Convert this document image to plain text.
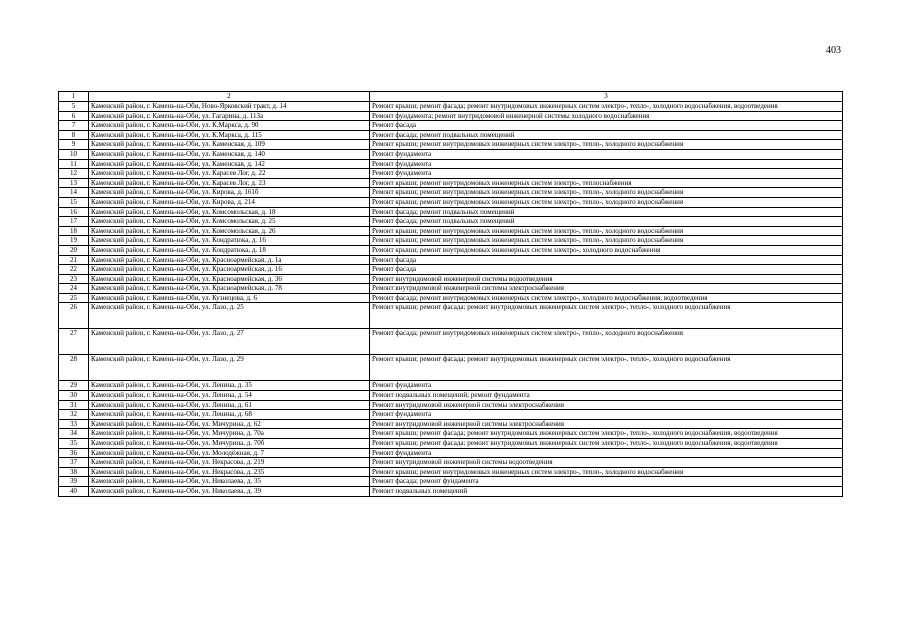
403
1	2	3
5	Каменский район, г. Камень-на-Оби, Ново-Ярковский тракт, д. 14	Ремонт крыши; ремонт фасада; ремонт внутридомовых инженерных систем электро-, тепло-, холодного водоснабжения, водоотведения
6	Каменский район, г. Камень-на-Оби, ул. Гагарина, д. 113а	Ремонт фундамента; ремонт внутридомовой инженерной системы холодного водоснабжения
7	Каменский район, г. Камень-на-Оби, ул. К.Маркса, д. 90	Ремонт фасада
8	Каменский район, г. Камень-на-Оби, ул. К.Маркса, д. 115	Ремонт фасада; ремонт подвальных помещений
9	Каменский район, г. Камень-на-Оби, ул. Каменская, д. 109	Ремонт крыши; ремонт внутридомовых инженерных систем электро-, тепло-, холодного водоснабжения
10	Каменский район, г. Камень-на-Оби, ул. Каменская, д. 140	Ремонт фундамента
11	Каменский район, г. Камень-на-Оби, ул. Каменская, д. 142	Ремонт фундамента
12	Каменский район, г. Камень-на-Оби, ул. Карасев Лог, д. 22	Ремонт фундамента
13	Каменский район, г. Камень-на-Оби, ул. Карасев Лог, д. 23	Ремонт крыши; ремонт внутридомовых инженерных систем электро-, теплоснабжения
14	Каменский район, г. Камень-на-Оби, ул. Кирова, д. 161б	Ремонт крыши; ремонт внутридомовых инженерных систем электро-, тепло-, холодного водоснабжения
15	Каменский район, г. Камень-на-Оби, ул. Кирова, д. 214	Ремонт крыши; ремонт внутридомовых инженерных систем электро-, тепло-, холодного водоснабжения
16	Каменский район, г. Камень-на-Оби, ул. Комсомольская, д. 18	Ремонт фасада; ремонт подвальных помещений
17	Каменский район, г. Камень-на-Оби, ул. Комсомольская, д. 25	Ремонт фасада; ремонт подвальных помещений
18	Каменский район, г. Камень-на-Оби, ул. Комсомольская, д. 26	Ремонт крыши; ремонт внутридомовых инженерных систем электро-, тепло-, холодного водоснабжения
19	Каменский район, г. Камень-на-Оби, ул. Кондратюка, д. 16	Ремонт крыши; ремонт внутридомовых инженерных систем электро-, тепло-, холодного водоснабжения
20	Каменский район, г. Камень-на-Оби, ул. Кондратюка, д. 18	Ремонт крыши; ремонт внутридомовых инженерных систем электро-, холодного водоснабжения
21	Каменский район, г. Камень-на-Оби, ул. Красноармейская, д. 1а	Ремонт фасада
22	Каменский район, г. Камень-на-Оби, ул. Красноармейская, д. 16	Ремонт фасада
23	Каменский район, г. Камень-на-Оби, ул. Красноармейская, д. 36	Ремонт внутридомовой инженерной системы водоотведения
24	Каменский район, г. Камень-на-Оби, ул. Красноармейская, д. 78	Ремонт внутридомовой инженерной системы электроснабжения
25	Каменский район, г. Камень-на-Оби, ул. Кузнецова, д. 6	Ремонт фасада; ремонт внутридомовых инженерных систем электро-, холодного водоснабжения, водоотведения
26	Каменский район, г. Камень-на-Оби, ул. Лазо, д. 25	Ремонт крыши; ремонт фасада; ремонт внутридомовых инженерных систем электро-, тепло-, холодного водоснабжения
27	Каменский район, г. Камень-на-Оби, ул. Лазо, д. 27	Ремонт фасада; ремонт внутридомовых инженерных систем электро-, тепло-, холодного водоснабжения
28	Каменский район, г. Камень-на-Оби, ул. Лазо, д. 29	Ремонт крыши; ремонт фасада; ремонт внутридомовых инженерных систем электро-, тепло-, холодного водоснабжения
29	Каменский район, г. Камень-на-Оби, ул. Ленина, д. 35	Ремонт фундамента
30	Каменский район, г. Камень-на-Оби, ул. Ленина, д. 54	Ремонт подвальных помещений; ремонт фундамента
31	Каменский район, г. Камень-на-Оби, ул. Ленина, д. 61	Ремонт внутридомовой инженерной системы электроснабжения
32	Каменский район, г. Камень-на-Оби, ул. Ленина, д. 68	Ремонт фундамента
33	Каменский район, г. Камень-на-Оби, ул. Мичурина, д. 62	Ремонт внутридомовой инженерной системы электроснабжения
34	Каменский район, г. Камень-на-Оби, ул. Мичурина, д. 70а	Ремонт крыши; ремонт фасада; ремонт внутридомовых инженерных систем электро-, тепло-, холодного водоснабжения, водоотведения
35	Каменский район, г. Камень-на-Оби, ул. Мичурина, д. 70б	Ремонт крыши; ремонт фасада; ремонт внутридомовых инженерных систем электро-, тепло-, холодного водоснабжения, водоотведения
36	Каменский район, г. Камень-на-Оби, ул. Молодёжная, д. 7	Ремонт фундамента
37	Каменский район, г. Камень-на-Оби, ул. Некрасова, д. 219	Ремонт внутридомовой инженерной системы водоотведения
38	Каменский район, г. Камень-на-Оби, ул. Некрасова, д. 235	Ремонт крыши; ремонт внутридомовых инженерных систем электро-, тепло-, холодного водоснабжения
39	Каменский район, г. Камень-на-Оби, ул. Николаева, д. 35	Ремонт фасада; ремонт фундамента
40	Каменский район, г. Камень-на-Оби, ул. Николаева, д. 39	Ремонт подвальных помещений
